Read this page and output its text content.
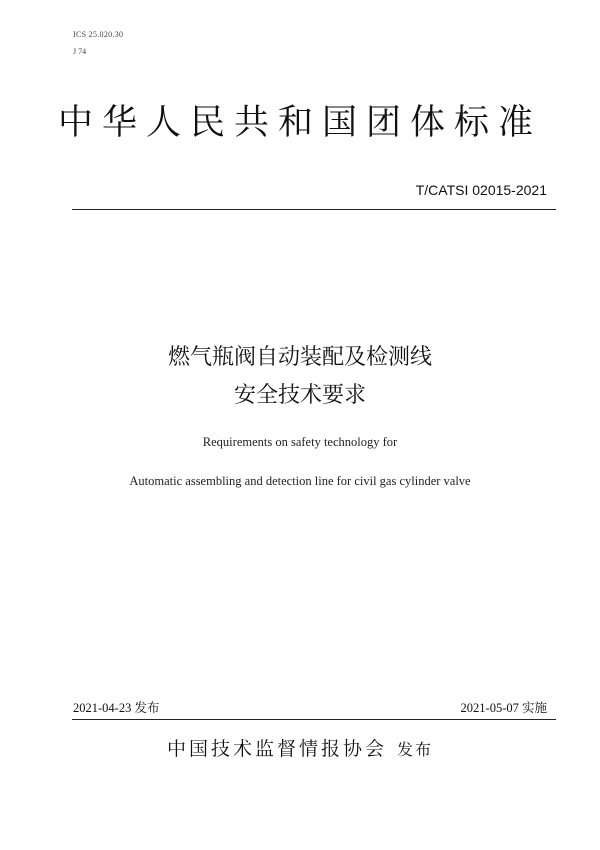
ICS 25.020.30
J 74
中华人民共和国团体标准
T/CATSI 02015-2021
燃气瓶阀自动装配及检测线
安全技术要求
Requirements on safety technology for
Automatic assembling and detection line for civil gas cylinder valve
2021-04-23 发布	2021-05-07 实施
中国技术监督情报协会 发布
